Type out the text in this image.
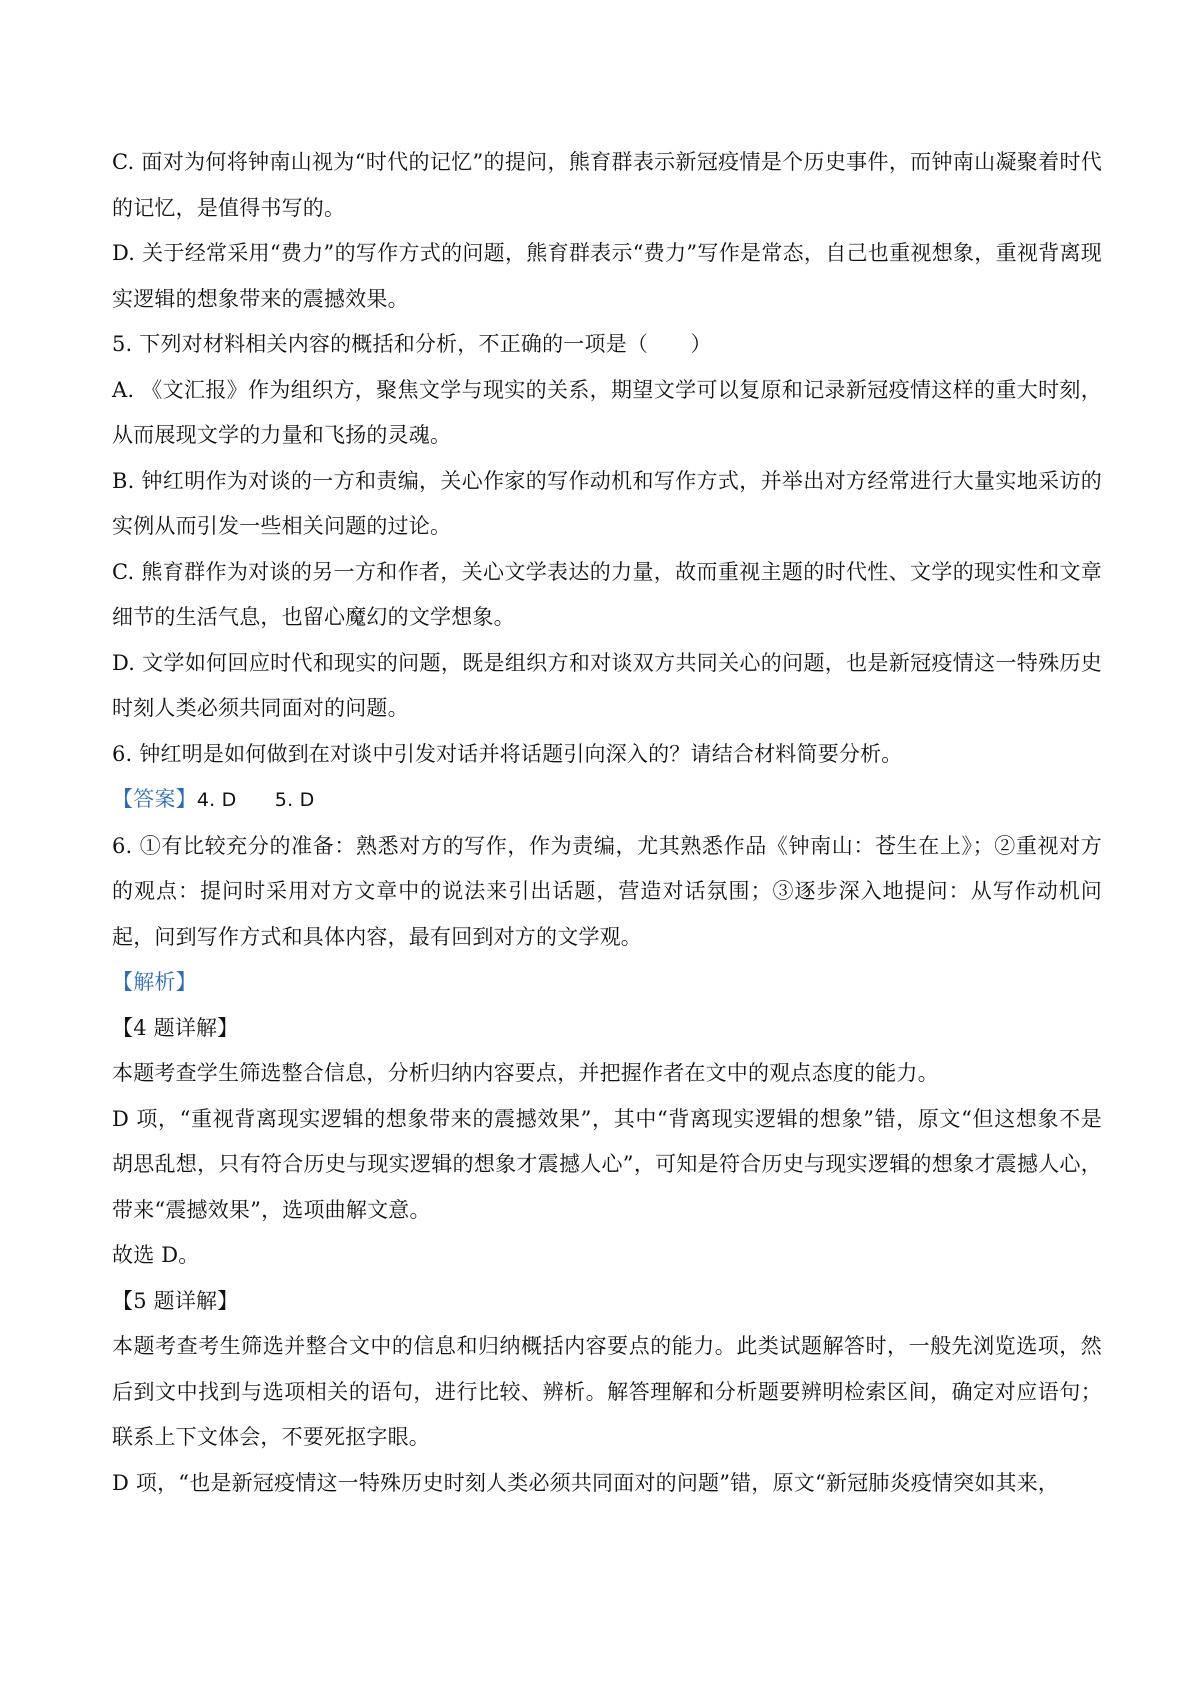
C. 面对为何将钟南山视为“时代的记忆”的提问，熊育群表示新冠疫情是个历史事件，而钟南山凝聚着时代的记忆，是值得书写的。

D. 关于经常采用“费力”的写作方式的问题，熊育群表示“费力”写作是常态，自己也重视想象，重视背离现实逻辑的想象带来的震撼效果。

5. 下列对材料相关内容的概括和分析，不正确的一项是（　　）

A. 《文汇报》作为组织方，聚焦文学与现实的关系，期望文学可以复原和记录新冠疫情这样的重大时刻，从而展现文学的力量和飞扬的灵魂。

B. 钟红明作为对谈的一方和责编，关心作家的写作动机和写作方式，并举出对方经常进行大量实地采访的实例从而引发一些相关问题的过论。

C. 熊育群作为对谈的另一方和作者，关心文学表达的力量，故而重视主题的时代性、文学的现实性和文章细节的生活气息，也留心魔幻的文学想象。

D. 文学如何回应时代和现实的问题，既是组织方和对谈双方共同关心的问题，也是新冠疫情这一特殊历史时刻人类必须共同面对的问题。

6. 钟红明是如何做到在对谈中引发对话并将话题引向深入的？请结合材料简要分析。

【答案】4. D　　5. D

6. ①有比较充分的准备：熟悉对方的写作，作为责编，尤其熟悉作品《钟南山：苍生在上》；②重视对方的观点：提问时采用对方文章中的说法来引出话题，营造对话氛围；③逐步深入地提问：从写作动机问起，问到写作方式和具体内容，最有回到对方的文学观。

【解析】

【4 题详解】

本题考查学生筛选整合信息，分析归纳内容要点，并把握作者在文中的观点态度的能力。

D 项，“重视背离现实逻辑的想象带来的震撼效果”，其中“背离现实逻辑的想象”错，原文“但这想象不是胡思乱想，只有符合历史与现实逻辑的想象才震撼人心”，可知是符合历史与现实逻辑的想象才震撼人心，带来“震撼效果”，选项曲解文意。

故选 D。

【5 题详解】

本题考查考生筛选并整合文中的信息和归纳概括内容要点的能力。此类试题解答时，一般先浏览选项，然后到文中找到与选项相关的语句，进行比较、辨析。解答理解和分析题要辨明检索区间，确定对应语句；联系上下文体会，不要死抠字眼。

D 项，“也是新冠疫情这一特殊历史时刻人类必须共同面对的问题”错，原文“新冠肺炎疫情突如其来，
